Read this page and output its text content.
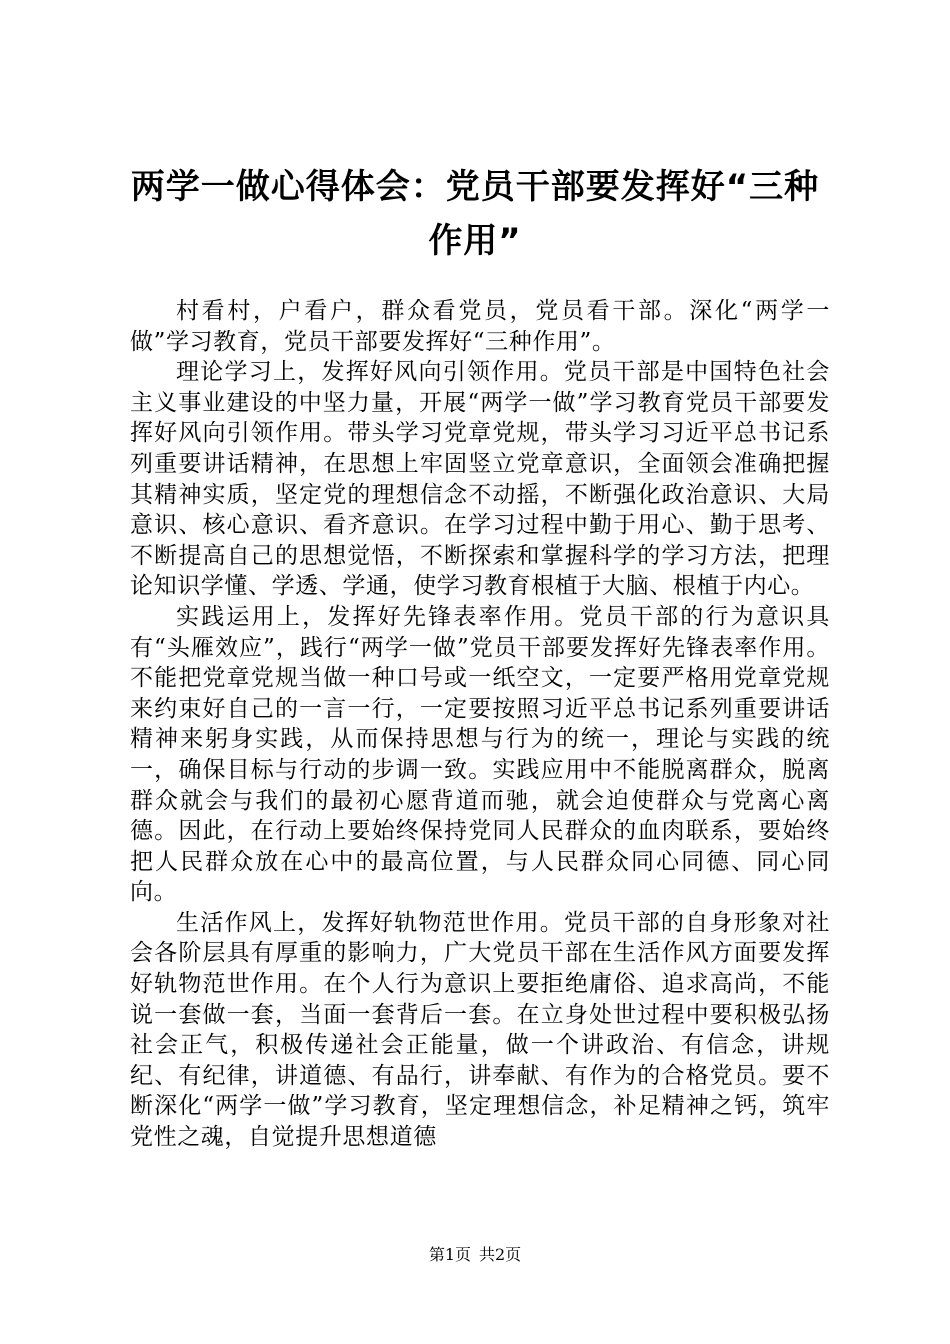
两学一做心得体会：党员干部要发挥好“三种作用”

村看村，户看户，群众看党员，党员看干部。深化“两学一做”学习教育，党员干部要发挥好“三种作用”。

理论学习上，发挥好风向引领作用。党员干部是中国特色社会主义事业建设的中坚力量，开展“两学一做”学习教育党员干部要发挥好风向引领作用。带头学习党章党规，带头学习习近平总书记系列重要讲话精神，在思想上牢固竖立党章意识，全面领会准确把握其精神实质，坚定党的理想信念不动摇，不断强化政治意识、大局意识、核心意识、看齐意识。在学习过程中勤于用心、勤于思考、不断提高自己的思想觉悟，不断探索和掌握科学的学习方法，把理论知识学懂、学透、学通，使学习教育根植于大脑、根植于内心。

实践运用上，发挥好先锋表率作用。党员干部的行为意识具有“头雁效应”，践行“两学一做”党员干部要发挥好先锋表率作用。不能把党章党规当做一种口号或一纸空文，一定要严格用党章党规来约束好自己的一言一行，一定要按照习近平总书记系列重要讲话精神来躬身实践，从而保持思想与行为的统一，理论与实践的统一，确保目标与行动的步调一致。实践应用中不能脱离群众，脱离群众就会与我们的最初心愿背道而驰，就会迫使群众与党离心离德。因此，在行动上要始终保持党同人民群众的血肉联系，要始终把人民群众放在心中的最高位置，与人民群众同心同德、同心同向。

生活作风上，发挥好轨物范世作用。党员干部的自身形象对社会各阶层具有厚重的影响力，广大党员干部在生活作风方面要发挥好轨物范世作用。在个人行为意识上要拒绝庸俗、追求高尚，不能说一套做一套，当面一套背后一套。在立身处世过程中要积极弘扬社会正气，积极传递社会正能量，做一个讲政治、有信念，讲规纪、有纪律，讲道德、有品行，讲奉献、有作为的合格党员。要不断深化“两学一做”学习教育，坚定理想信念，补足精神之钙，筑牢党性之魂，自觉提升思想道德

第1页 共2页
